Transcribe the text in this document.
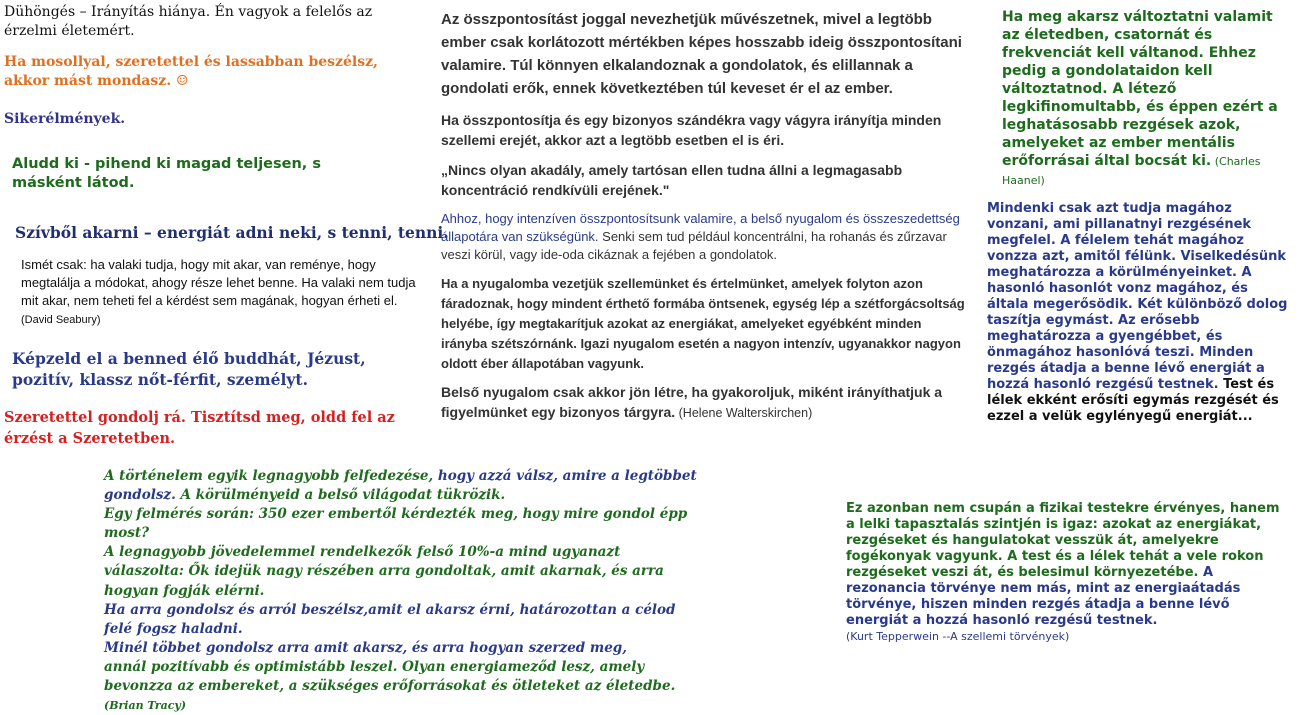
Dühöngés – Irányítás hiánya. Én vagyok a felelős az érzelmi életemért.

Ha mosollyal, szeretettel és lassabban beszélsz, akkor mást mondasz. ☺

Sikerélmények.

Aludd ki - pihend ki magad teljesen, s másként látod.

Szívből akarni – energiát adni neki, s tenni, tenni.

Ismét csak: ha valaki tudja, hogy mit akar, van reménye, hogy megtalálja a módokat, ahogy része lehet benne. Ha valaki nem tudja mit akar, nem teheti fel a kérdést sem magának, hogyan érheti el. (David Seabury)

Képzeld el a benned élő buddhát, Jézust, pozitív, klassz nőt-férfit, személyt.

Szeretettel gondolj rá. Tisztítsd meg, oldd fel az érzést a Szeretetben.

Az összpontosítást joggal nevezhetjük művészetnek, mivel a legtöbb ember csak korlátozott mértékben képes hosszabb ideig összpontosítani valamire. Túl könnyen elkalandoznak a gondolatok, és elillannak a gondolati erők, ennek következtében túl keveset ér el az ember.

Ha összpontosítja és egy bizonyos szándékra vagy vágyra irányítja minden szellemi erejét, akkor azt a legtöbb esetben el is éri.

„Nincs olyan akadály, amely tartósan ellen tudna állni a legmagasabb koncentráció rendkívüli erejének."

Ahhoz, hogy intenzíven összpontosítsunk valamire, a belső nyugalom és összeszedettség állapotára van szükségünk. Senki sem tud például koncentrálni, ha rohanás és zűrzavar veszi körül, vagy ide-oda cikáznak a fejében a gondolatok.

Ha a nyugalomba vezetjük szellemünket és értelmünket, amelyek folyton azon fáradoznak, hogy mindent érthető formába öntsenek, egység lép a szétforgácsoltság helyébe, így megtakarítjuk azokat az energiákat, amelyeket egyébként minden irányba szétszórnánk. Igazi nyugalom esetén a nagyon intenzív, ugyanakkor nagyon oldott éber állapotában vagyunk.

Belső nyugalom csak akkor jön létre, ha gyakoroljuk, miként irányíthatjuk a figyelmünket egy bizonyos tárgyra. (Helene Walterskirchen)

Ha meg akarsz változtatni valamit az életedben, csatornát és frekvenciát kell váltanod. Ehhez pedig a gondolataidon kell változtatnod. A létező legkifinomultabb, és éppen ezért a leghatásosabb rezgések azok, amelyeket az ember mentális erőforrásai által bocsát ki. (Charles Haanel)

Mindenki csak azt tudja magához vonzani, ami pillanatnyi rezgésének megfelel. A félelem tehát magához vonzza azt, amitől félünk. Viselkedésünk meghatározza a körülményeinket. A hasonló hasonlót vonz magához, és általa megerősödik. Két különböző dolog taszítja egymást. Az erősebb meghatározza a gyengébbet, és önmagához hasonlóvá teszi. Minden rezgés átadja a benne lévő energiát a hozzá hasonló rezgésű testnek. Test és lélek ekként erősíti egymás rezgését és ezzel a velük egylényegű energiát...

A történelem egyik legnagyobb felfedezése, hogy azzá válsz, amire a legtöbbet gondolsz. A körülményeid a belső világodat tükrözik.
Egy felmérés során: 350 ezer embertől kérdezték meg, hogy mire gondol épp most?
A legnagyobb jövedelemmel rendelkezők felső 10%-a mind ugyanazt válaszolta: Ők idejük nagy részében arra gondoltak, amit akarnak, és arra hogyan fogják elérni.
Ha arra gondolsz és arról beszélsz,amit el akarsz érni, határozottan a célod felé fogsz haladni.
Minél többet gondolsz arra amit akarsz, és arra hogyan szerzed meg,
annál pozitívabb és optimistább leszel. Olyan energiameződ lesz, amely bevonzza az embereket, a szükséges erőforrásokat és ötleteket az életedbe.(Brian Tracy)

Ez azonban nem csupán a fizikai testekre érvényes, hanem a lelki tapasztalás szintjén is igaz: azokat az energiákat, rezgéseket és hangulatokat vesszük át, amelyekre fogékonyak vagyunk. A test és a lélek tehát a vele rokon rezgéseket veszi át, és belesimul környezetébe. A rezonancia törvénye nem más, mint az energiaátadás törvénye, hiszen minden rezgés átadja a benne lévő energiát a hozzá hasonló rezgésű testnek.
(Kurt Tepperwein --A szellemi törvények)
